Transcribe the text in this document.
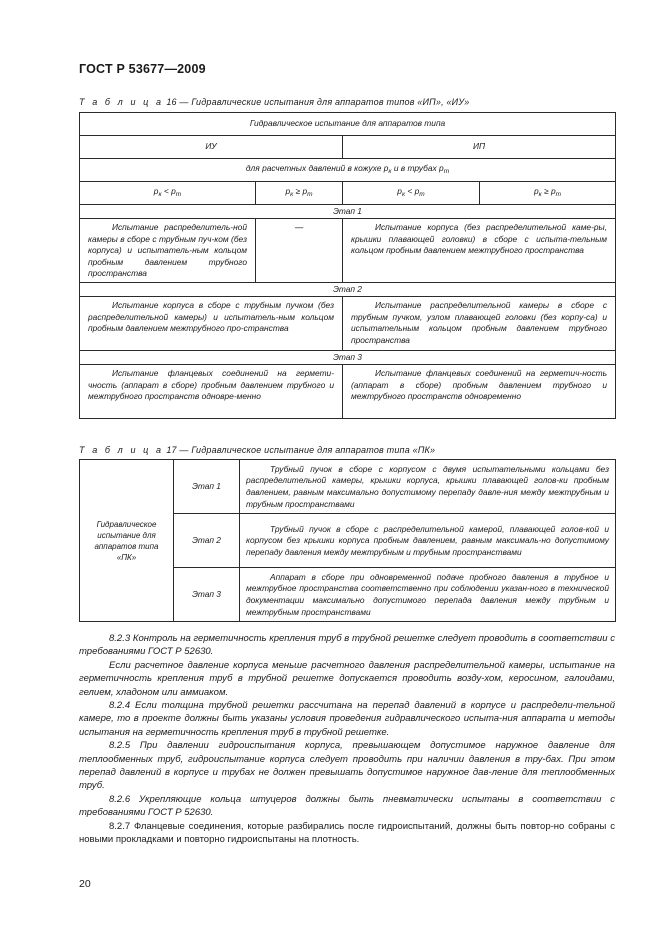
ГОСТ Р 53677—2009
Т а б л и ц а 16 — Гидравлические испытания для аппаратов типов «ИП», «ИУ»
Гидравлическое испытание для аппаратов типа			
ИУ		ИП	
для расчетных давлений в кожухе $p_к$ и в трубах $p_т$
$p_к < p_т$	$p_к \ge p_т$	$p_к < p_т$	$p_к \ge p_т$
Этап 1			
Испытание распределитель-ной камеры в сборе с трубным пуч-ком (без корпуса) и испытатель-ным кольцом пробным давлением трубного пространства	—	Испытание корпуса (без распределительной каме-ры, крышки плавающей головки) в сборе с испыта-тельным кольцом пробным давлением межтрубного пространства	
Этап 2			
Испытание корпуса в сборе с трубным пучком (без распределительной камеры) и испытатель-ным кольцом пробным давлением межтрубного про-странства		Испытание распределительной камеры в сборе с трубным пучком, узлом плавающей головки (без корпу-са) и испытательным кольцом пробным давлением трубного пространства	
Этап 3			
Испытание фланцевых соединений на гермети-чность (аппарат в сборе) пробным давлением трубного и межтрубного пространств одновре-менно		Испытание фланцевых соединений на герметич-ность (аппарат в сборе) пробным давлением трубного и межтрубного пространств одновременно	
Т а б л и ц а 17 — Гидравлическое испытание для аппаратов типа «ПК»
Гидравлическое испытание для аппаратов типа «ПК»	Этап 1	Трубный пучок в сборе с корпусом с двумя испытательными кольцами без распределительной камеры, крышки корпуса, крышки плавающей голов-ки пробным давлением, равным максимально допустимому перепаду давле-ния между межтрубным и трубным пространствами
	Этап 2	Трубный пучок в сборе с распределительной камерой, плавающей голов-кой и корпусом без крышки корпуса пробным давлением, равным максималь-но допустимому перепаду давления между межтрубным и трубным пространствами
	Этап 3	Аппарат в сборе при одновременной подаче пробного давления в трубное и межтрубное пространства соответственно при соблюдении указан-ного в технической документации максимально допустимого перепада давления между трубным и межтрубным пространствами

8.2.3 Контроль на герметичность крепления труб в трубной решетке следует проводить в соответствии с требованиями ГОСТ Р 52630.

Если расчетное давление корпуса меньше расчетного давления распределительной камеры, испытание на герметичность крепления труб в трубной решетке допускается проводить возду-хом, керосином, галоидами, гелием, хладоном или аммиаком.

8.2.4 Если толщина трубной решетки рассчитана на перепад давлений в корпусе и распредели-тельной камере, то в проекте должны быть указаны условия проведения гидравлического испыта-ния аппарата и методы испытания на герметичность крепления труб в трубной решетке.

8.2.5 При давлении гидроиспытания корпуса, превышающем допустимое наружное давление для теплообменных труб, гидроиспытание корпуса следует проводить при наличии давления в тру-бах. При этом перепад давлений в корпусе и трубах не должен превышать допустимое наружное дав-ление для теплообменных труб.

8.2.6 Укрепляющие кольца штуцеров должны быть пневматически испытаны в соответствии с требованиями ГОСТ Р 52630.

8.2.7 Фланцевые соединения, которые разбирались после гидроиспытаний, должны быть повтор-но собраны с новыми прокладками и повторно гидроиспытаны на плотность.

20
